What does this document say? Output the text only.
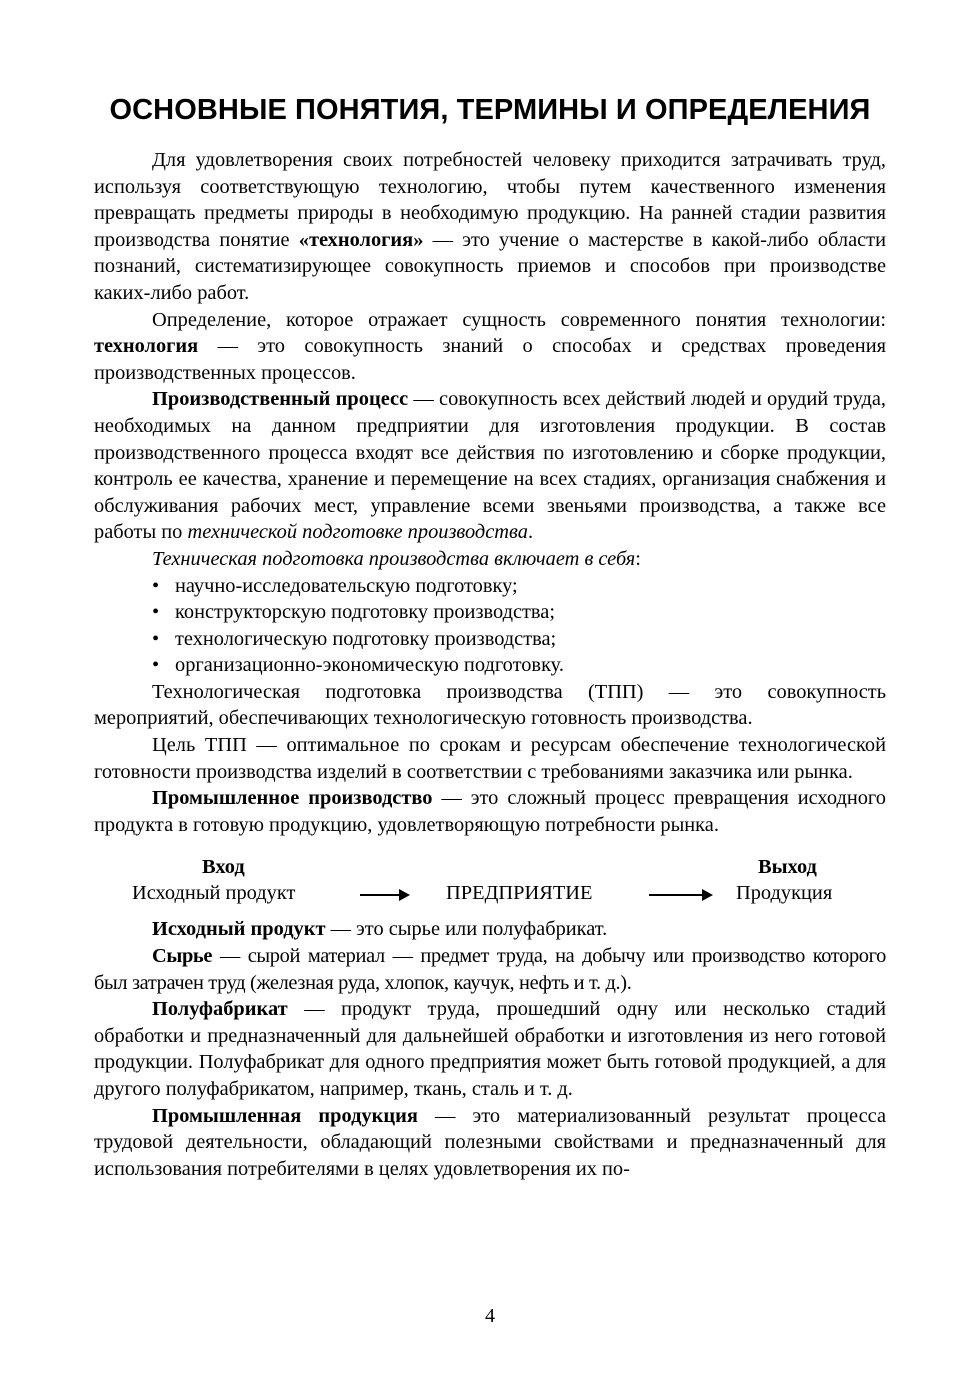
ОСНОВНЫЕ ПОНЯТИЯ, ТЕРМИНЫ И ОПРЕДЕЛЕНИЯ

Для удовлетворения своих потребностей человеку приходится затрачивать труд, используя соответствующую технологию, чтобы путем качественного изменения превращать предметы природы в необходимую продукцию. На ранней стадии развития производства понятие «технология» — это учение о мастерстве в какой-либо области познаний, систематизирующее совокупность приемов и способов при производстве каких-либо работ.

Определение, которое отражает сущность современного понятия технологии: технология — это совокупность знаний о способах и средствах проведения производственных процессов.

Производственный процесс — совокупность всех действий людей и орудий труда, необходимых на данном предприятии для изготовления продукции. В состав производственного процесса входят все действия по изготовлению и сборке продукции, контроль ее качества, хранение и перемещение на всех стадиях, организация снабжения и обслуживания рабочих мест, управление всеми звеньями производства, а также все работы по технической подготовке производства.

Техническая подготовка производства включает в себя:

• научно-исследовательскую подготовку;
• конструкторскую подготовку производства;
• технологическую подготовку производства;
• организационно-экономическую подготовку.

Технологическая подготовка производства (ТПП) — это совокупность мероприятий, обеспечивающих технологическую готовность производства.

Цель ТПП — оптимальное по срокам и ресурсам обеспечение технологической готовности производства изделий в соответствии с требованиями заказчика или рынка.

Промышленное производство — это сложный процесс превращения исходного продукта в готовую продукцию, удовлетворяющую потребности рынка.

Вход	Выход
Исходный продукт	ПРЕДПРИЯТИЕ	Продукция

Исходный продукт — это сырье или полуфабрикат.

Сырье — сырой материал — предмет труда, на добычу или производство которого был затрачен труд (железная руда, хлопок, каучук, нефть и т. д.).

Полуфабрикат — продукт труда, прошедший одну или несколько стадий обработки и предназначенный для дальнейшей обработки и изготовления из него готовой продукции. Полуфабрикат для одного предприятия может быть готовой продукцией, а для другого полуфабрикатом, например, ткань, сталь и т. д.

Промышленная продукция — это материализованный результат процесса трудовой деятельности, обладающий полезными свойствами и предназначенный для использования потребителями в целях удовлетворения их по-

4
